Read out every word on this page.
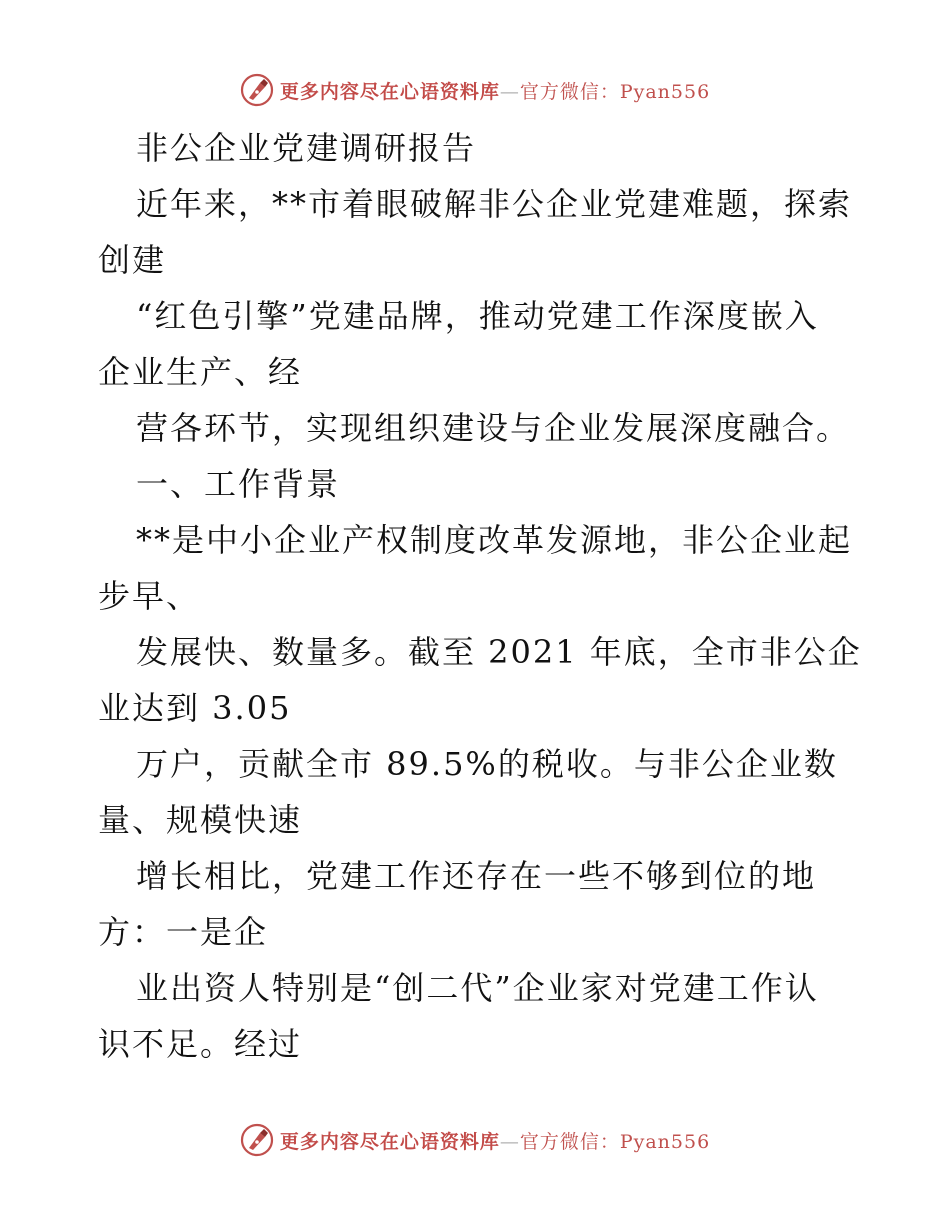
更多内容尽在心语资料库—官方微信：Pyan556
非公企业党建调研报告
近年来，**市着眼破解非公企业党建难题，探索
创建
“红色引擎”党建品牌，推动党建工作深度嵌入
企业生产、经
营各环节，实现组织建设与企业发展深度融合。
一、工作背景
**是中小企业产权制度改革发源地，非公企业起
步早、
发展快、数量多。截至 2021 年底，全市非公企
业达到 3.05
万户，贡献全市 89.5%的税收。与非公企业数
量、规模快速
增长相比，党建工作还存在一些不够到位的地
方：一是企
业出资人特别是“创二代”企业家对党建工作认
识不足。经过
更多内容尽在心语资料库—官方微信：Pyan556
